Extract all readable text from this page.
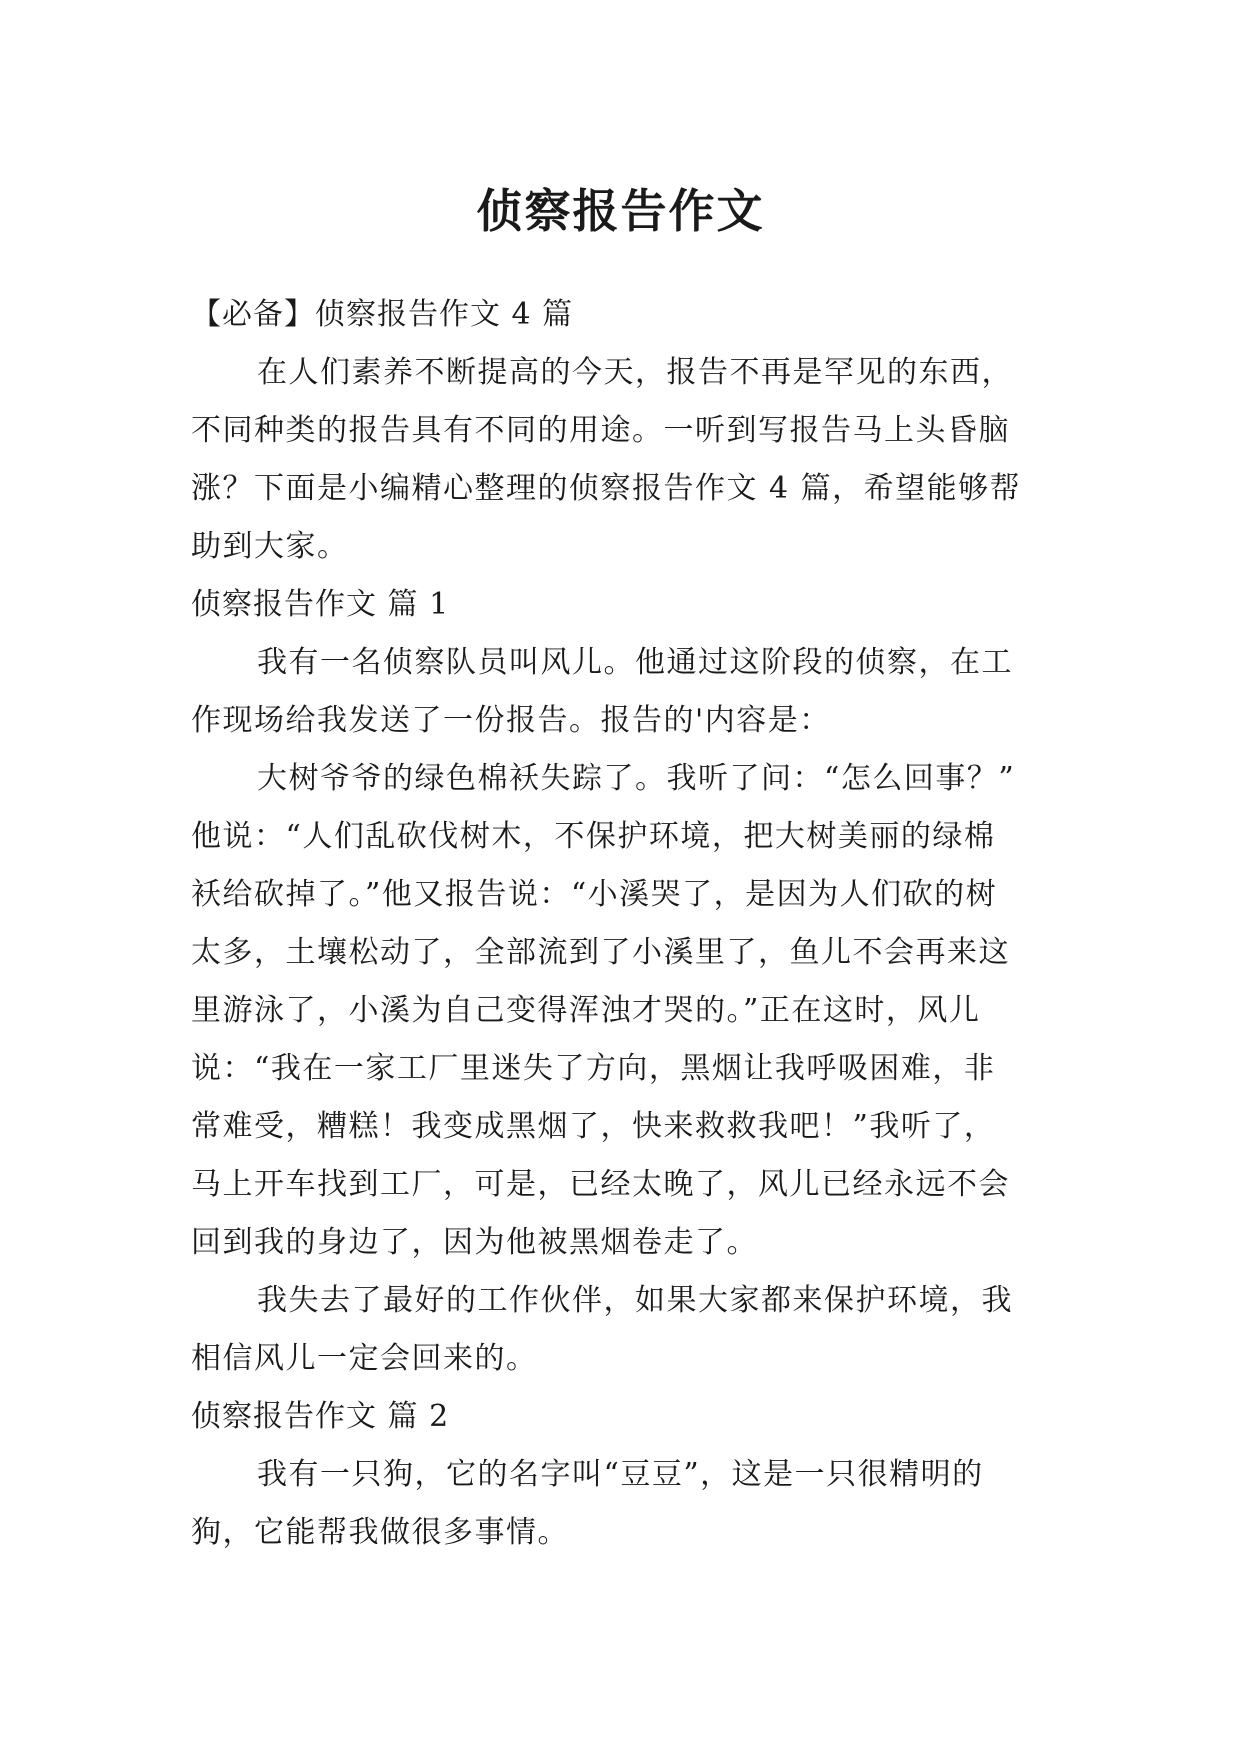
侦察报告作文
【必备】侦察报告作文 4 篇

在人们素养不断提高的今天，报告不再是罕见的东西，
不同种类的报告具有不同的用途。一听到写报告马上头昏脑
涨？下面是小编精心整理的侦察报告作文 4 篇，希望能够帮
助到大家。

侦察报告作文 篇 1

我有一名侦察队员叫风儿。他通过这阶段的侦察，在工
作现场给我发送了一份报告。报告的'内容是：

大树爷爷的绿色棉袄失踪了。我听了问：“怎么回事？”
他说：“人们乱砍伐树木，不保护环境，把大树美丽的绿棉
袄给砍掉了。”他又报告说：“小溪哭了，是因为人们砍的树
太多，土壤松动了，全部流到了小溪里了，鱼儿不会再来这
里游泳了，小溪为自己变得浑浊才哭的。”正在这时，风儿
说：“我在一家工厂里迷失了方向，黑烟让我呼吸困难，非
常难受，糟糕！我变成黑烟了，快来救救我吧！”我听了，
马上开车找到工厂，可是，已经太晚了，风儿已经永远不会
回到我的身边了，因为他被黑烟卷走了。

我失去了最好的工作伙伴，如果大家都来保护环境，我
相信风儿一定会回来的。

侦察报告作文 篇 2

我有一只狗，它的名字叫“豆豆”，这是一只很精明的
狗，它能帮我做很多事情。
